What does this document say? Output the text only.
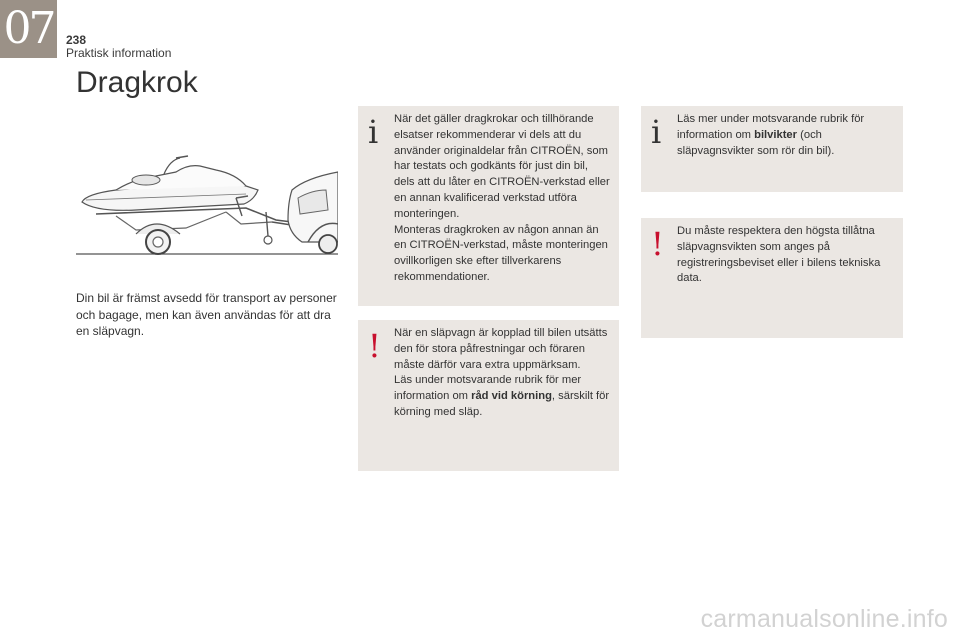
07 238
Praktisk information
Dragkrok

Din bil är främst avsedd för transport av personer och bagage, men kan även användas för att dra en släpvagn.

i När det gäller dragkrokar och tillhörande elsatser rekommenderar vi dels att du använder originaldelar från CITROËN, som har testats och godkänts för just din bil, dels att du låter en CITROËN-verkstad eller en annan kvalificerad verkstad utföra monteringen.

Monteras dragkroken av någon annan än en CITROËN-verkstad, måste monteringen ovillkorligen ske efter tillverkarens rekommendationer.

! När en släpvagn är kopplad till bilen utsätts den för stora påfrestningar och föraren måste därför vara extra uppmärksam.

Läs under motsvarande rubrik för mer information om råd vid körning, särskilt för körning med släp.

i Läs mer under motsvarande rubrik för information om bilvikter (och släpvagnsvikter som rör din bil).

! Du måste respektera den högsta tillåtna släpvagnsvikten som anges på registreringsbeviset eller i bilens tekniska data.

carmanualsonline.info
